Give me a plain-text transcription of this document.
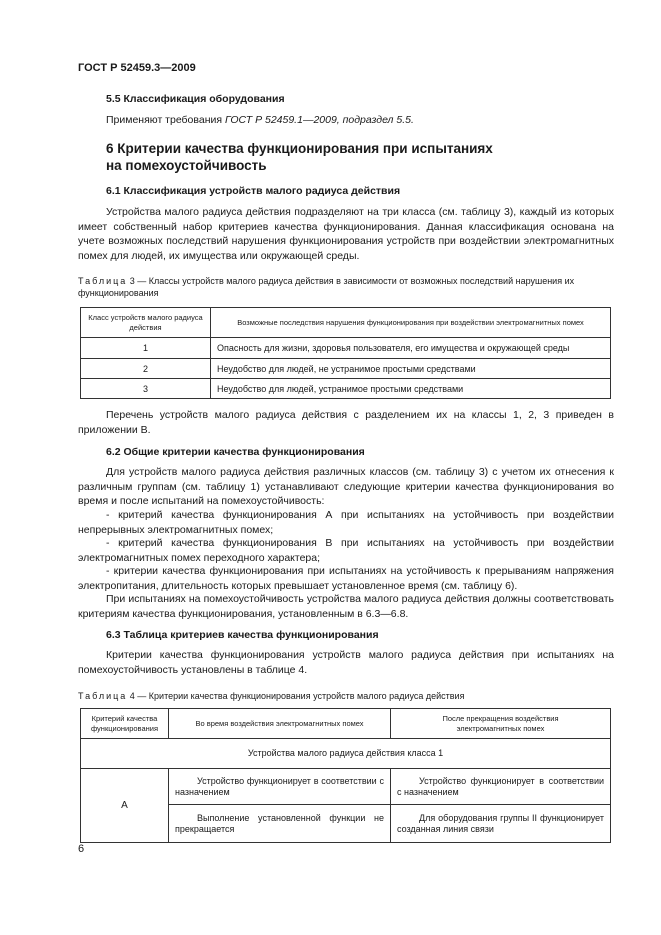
ГОСТ Р 52459.3—2009
5.5 Классификация оборудования
Применяют требования ГОСТ Р 52459.1—2009, подраздел 5.5.
6 Критерии качества функционирования при испытаниях
на помехоустойчивость
6.1 Классификация устройств малого радиуса действия
Устройства малого радиуса действия подразделяют на три класса (см. таблицу 3), каждый из которых имеет собственный набор критериев качества функционирования. Данная классификация основана на учете возможных последствий нарушения функционирования устройств при воздействии электромагнитных помех для людей, их имущества или окружающей среды.
Таблица 3 — Классы устройств малого радиуса действия в зависимости от возможных последствий нарушения их функционирования
Класс устройств малого радиуса действия	Возможные последствия нарушения функционирования при воздействии электромагнитных помех
1	Опасность для жизни, здоровья пользователя, его имущества и окружающей среды
2	Неудобство для людей, не устранимое простыми средствами
3	Неудобство для людей, устранимое простыми средствами
Перечень устройств малого радиуса действия с разделением их на классы 1, 2, 3 приведен в приложении В.
6.2 Общие критерии качества функционирования
Для устройств малого радиуса действия различных классов (см. таблицу 3) с учетом их отнесения к различным группам (см. таблицу 1) устанавливают следующие критерии качества функционирования во время и после испытаний на помехоустойчивость:
- критерий качества функционирования А при испытаниях на устойчивость при воздействии непрерывных электромагнитных помех;
- критерий качества функционирования В при испытаниях на устойчивость при воздействии электромагнитных помех переходного характера;
- критерии качества функционирования при испытаниях на устойчивость к прерываниям напряжения электропитания, длительность которых превышает установленное время (см. таблицу 6).
При испытаниях на помехоустойчивость устройства малого радиуса действия должны соответствовать критериям качества функционирования, установленным в 6.3—6.8.
6.3 Таблица критериев качества функционирования
Критерии качества функционирования устройств малого радиуса действия при испытаниях на помехоустойчивость установлены в таблице 4.
Таблица 4 — Критерии качества функционирования устройств малого радиуса действия
Критерий качества функционирования	Во время воздействия электромагнитных помех	После прекращения воздействия электромагнитных помех
Устройства малого радиуса действия класса 1		
А	Устройство функционирует в соответствии с назначением	Устройство функционирует в соответствии с назначением
	Выполнение установленной функции не прекращается	Для оборудования группы II функционирует созданная линия связи
6
